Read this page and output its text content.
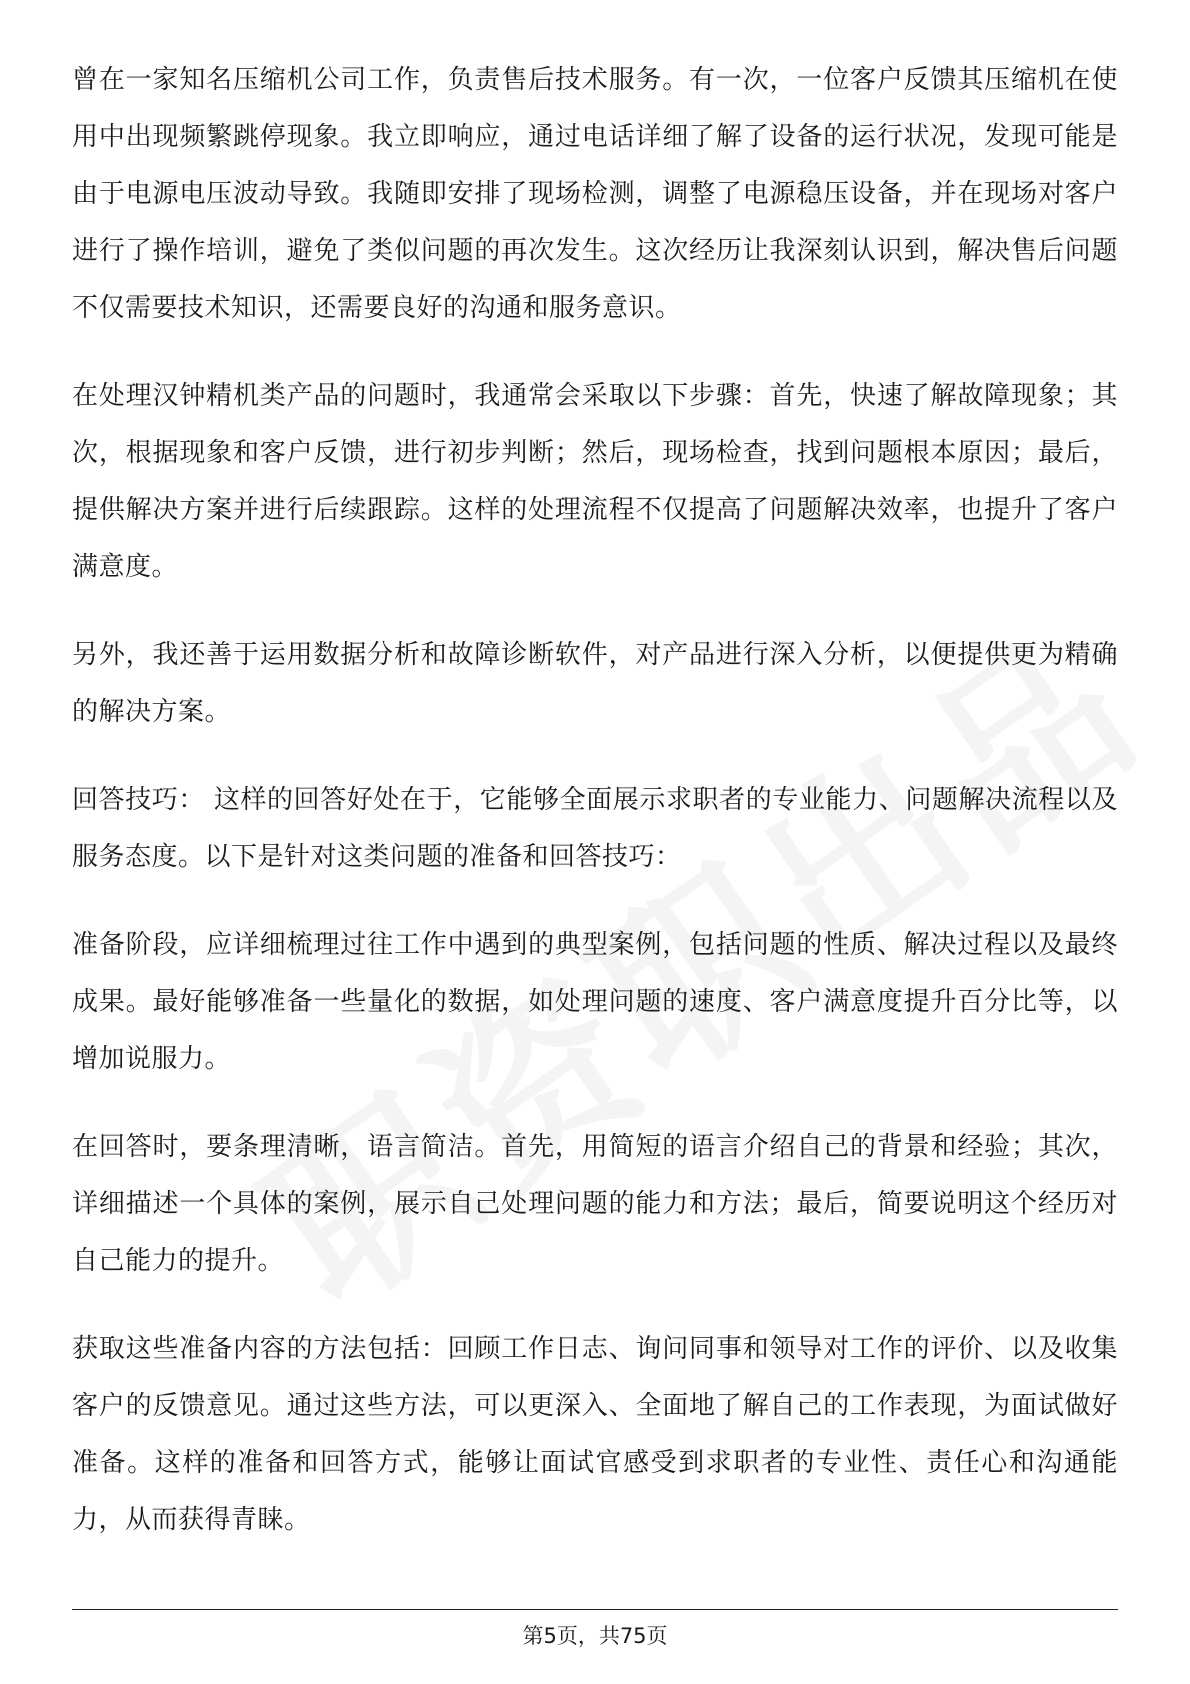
曾在一家知名压缩机公司工作，负责售后技术服务。有一次，一位客户反馈其压缩机在使用中出现频繁跳停现象。我立即响应，通过电话详细了解了设备的运行状况，发现可能是由于电源电压波动导致。我随即安排了现场检测，调整了电源稳压设备，并在现场对客户进行了操作培训，避免了类似问题的再次发生。这次经历让我深刻认识到，解决售后问题不仅需要技术知识，还需要良好的沟通和服务意识。

在处理汉钟精机类产品的问题时，我通常会采取以下步骤：首先，快速了解故障现象；其次，根据现象和客户反馈，进行初步判断；然后，现场检查，找到问题根本原因；最后，提供解决方案并进行后续跟踪。这样的处理流程不仅提高了问题解决效率，也提升了客户满意度。

另外，我还善于运用数据分析和故障诊断软件，对产品进行深入分析，以便提供更为精确的解决方案。

回答技巧： 这样的回答好处在于，它能够全面展示求职者的专业能力、问题解决流程以及服务态度。以下是针对这类问题的准备和回答技巧：

准备阶段，应详细梳理过往工作中遇到的典型案例，包括问题的性质、解决过程以及最终成果。最好能够准备一些量化的数据，如处理问题的速度、客户满意度提升百分比等，以增加说服力。

在回答时，要条理清晰，语言简洁。首先，用简短的语言介绍自己的背景和经验；其次，详细描述一个具体的案例，展示自己处理问题的能力和方法；最后，简要说明这个经历对自己能力的提升。

获取这些准备内容的方法包括：回顾工作日志、询问同事和领导对工作的评价、以及收集客户的反馈意见。通过这些方法，可以更深入、全面地了解自己的工作表现，为面试做好准备。这样的准备和回答方式，能够让面试官感受到求职者的专业性、责任心和沟通能力，从而获得青睐。

第5页，共75页
